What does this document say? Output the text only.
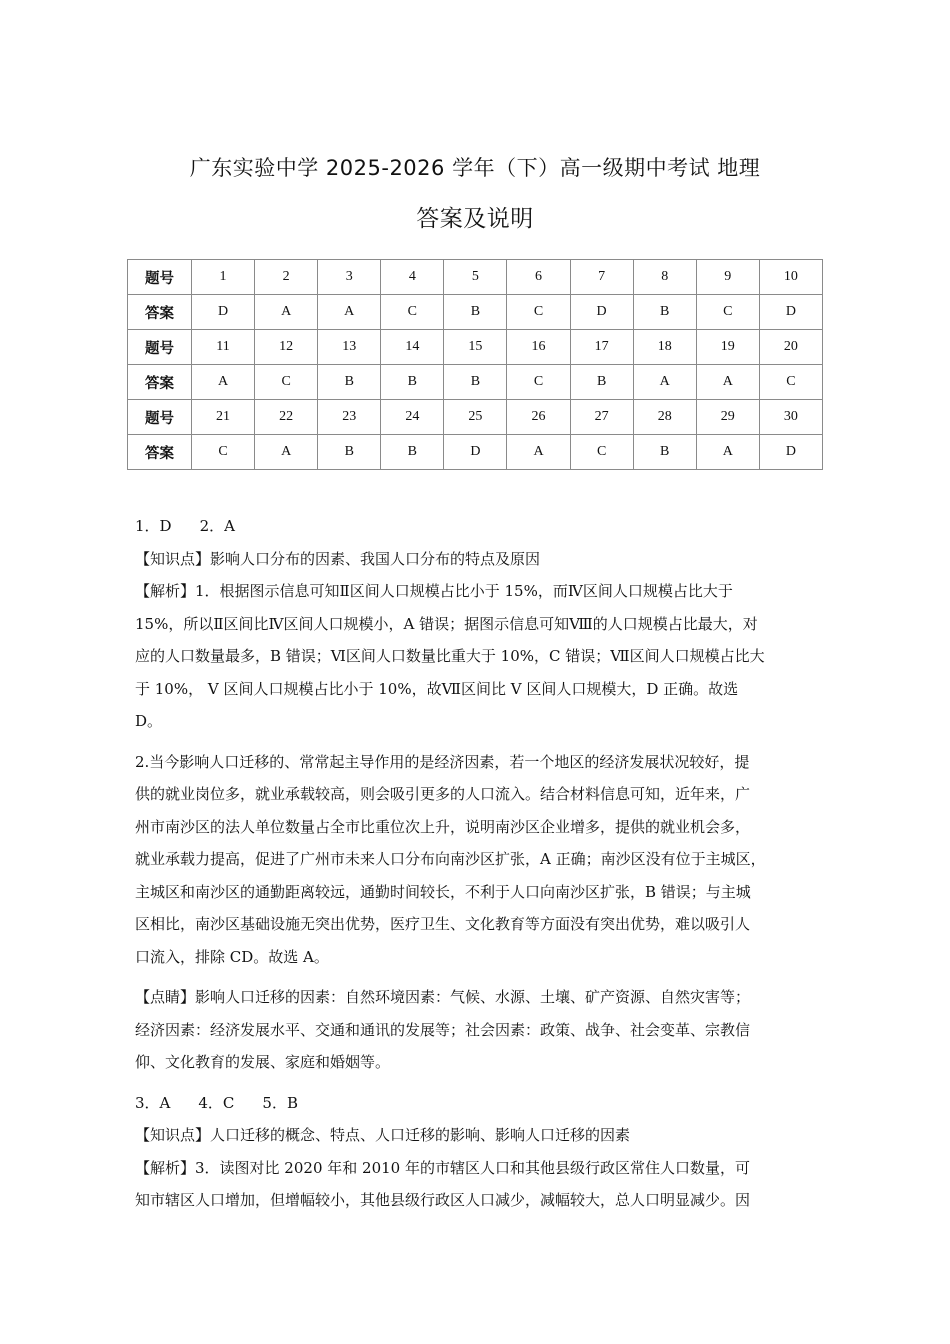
广东实验中学 2025-2026 学年（下）高一级期中考试 地理
答案及说明
题号	1	2	3	4	5	6	7	8	9	10
答案	D	A	A	C	B	C	D	B	C	D
题号	11	12	13	14	15	16	17	18	19	20
答案	A	C	B	B	B	C	B	A	A	C
题号	21	22	23	24	25	26	27	28	29	30
答案	C	A	B	B	D	A	C	B	A	D

1．D 2．A

【知识点】影响人口分布的因素、我国人口分布的特点及原因

【解析】1．根据图示信息可知Ⅱ区间人口规模占比小于 15%，而Ⅳ区间人口规模占比大于

15%，所以Ⅱ区间比Ⅳ区间人口规模小，A 错误；据图示信息可知Ⅷ的人口规模占比最大，对

应的人口数量最多，B 错误；Ⅵ区间人口数量比重大于 10%，C 错误；Ⅶ区间人口规模占比大

于 10%， Ⅴ 区间人口规模占比小于 10%，故Ⅶ区间比 Ⅴ 区间人口规模大，D 正确。故选

D。

2.当今影响人口迁移的、常常起主导作用的是经济因素，若一个地区的经济发展状况较好，提

供的就业岗位多，就业承载较高，则会吸引更多的人口流入。结合材料信息可知，近年来，广

州市南沙区的法人单位数量占全市比重位次上升，说明南沙区企业增多，提供的就业机会多，

就业承载力提高，促进了广州市未来人口分布向南沙区扩张，A 正确；南沙区没有位于主城区，

主城区和南沙区的通勤距离较远，通勤时间较长，不利于人口向南沙区扩张，B 错误；与主城

区相比，南沙区基础设施无突出优势，医疗卫生、文化教育等方面没有突出优势，难以吸引人

口流入，排除 CD。故选 A。

【点睛】影响人口迁移的因素：自然环境因素：气候、水源、土壤、矿产资源、自然灾害等；

经济因素：经济发展水平、交通和通讯的发展等；社会因素：政策、战争、社会变革、宗教信

仰、文化教育的发展、家庭和婚姻等。

3．A 4．C 5．B

【知识点】人口迁移的概念、特点、人口迁移的影响、影响人口迁移的因素

【解析】3．读图对比 2020 年和 2010 年的市辖区人口和其他县级行政区常住人口数量，可

知市辖区人口增加，但增幅较小，其他县级行政区人口减少，减幅较大，总人口明显减少。因
